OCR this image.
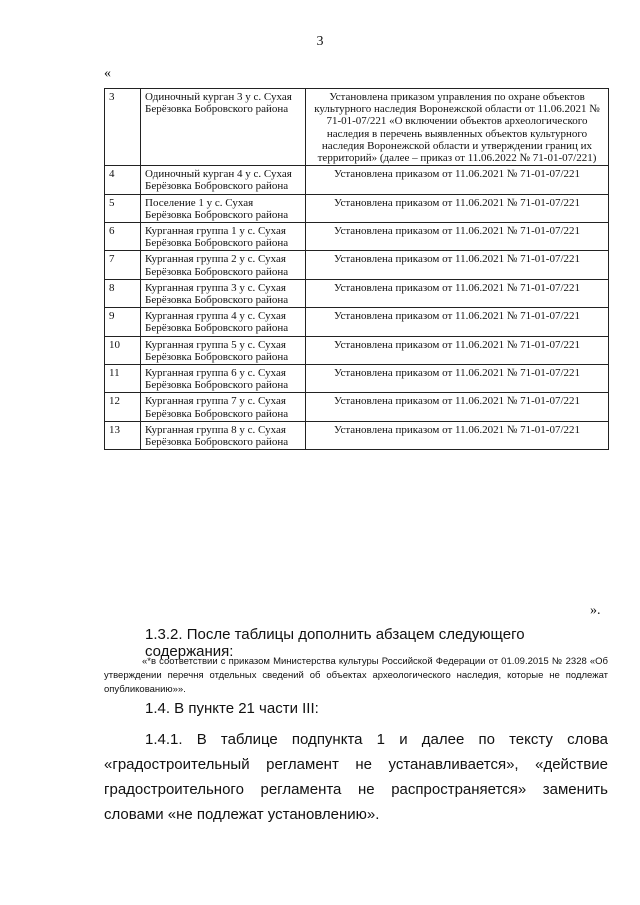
3
«
3	Одиночный курган 3 у с. Сухая Берёзовка Бобровского района	Установлена приказом управления по охране объектов культурного наследия Воронежской области от 11.06.2021 № 71-01-07/221 «О включении объектов археологического наследия в перечень выявленных объектов культурного наследия Воронежской области и утверждении границ их территорий» (далее – приказ от 11.06.2022 № 71-01-07/221)
4	Одиночный курган 4 у с. Сухая Берёзовка Бобровского района	Установлена приказом от 11.06.2021 № 71-01-07/221
5	Поселение 1 у с. Сухая Берёзовка Бобровского района	Установлена приказом от 11.06.2021 № 71-01-07/221
6	Курганная группа 1 у с. Сухая Берёзовка Бобровского района	Установлена приказом от 11.06.2021 № 71-01-07/221
7	Курганная группа 2 у с. Сухая Берёзовка Бобровского района	Установлена приказом от 11.06.2021 № 71-01-07/221
8	Курганная группа 3 у с. Сухая Берёзовка Бобровского района	Установлена приказом от 11.06.2021 № 71-01-07/221
9	Курганная группа 4 у с. Сухая Берёзовка Бобровского района	Установлена приказом от 11.06.2021 № 71-01-07/221
10	Курганная группа 5 у с. Сухая Берёзовка Бобровского района	Установлена приказом от 11.06.2021 № 71-01-07/221
11	Курганная группа 6 у с. Сухая Берёзовка Бобровского района	Установлена приказом от 11.06.2021 № 71-01-07/221
12	Курганная группа 7 у с. Сухая Берёзовка Бобровского района	Установлена приказом от 11.06.2021 № 71-01-07/221
13	Курганная группа 8 у с. Сухая Берёзовка Бобровского района	Установлена приказом от 11.06.2021 № 71-01-07/221
».
1.3.2. После таблицы дополнить абзацем следующего содержания:
«*в соответствии с приказом Министерства культуры Российской Федерации от 01.09.2015 № 2328 «Об утверждении перечня отдельных сведений об объектах археологического наследия, которые не подлежат опубликованию»».
1.4. В пункте 21 части III:
1.4.1. В таблице подпункта 1 и далее по тексту слова «градостроительный регламент не устанавливается», «действие градостроительного регламента не распространяется» заменить словами «не подлежат установлению».
